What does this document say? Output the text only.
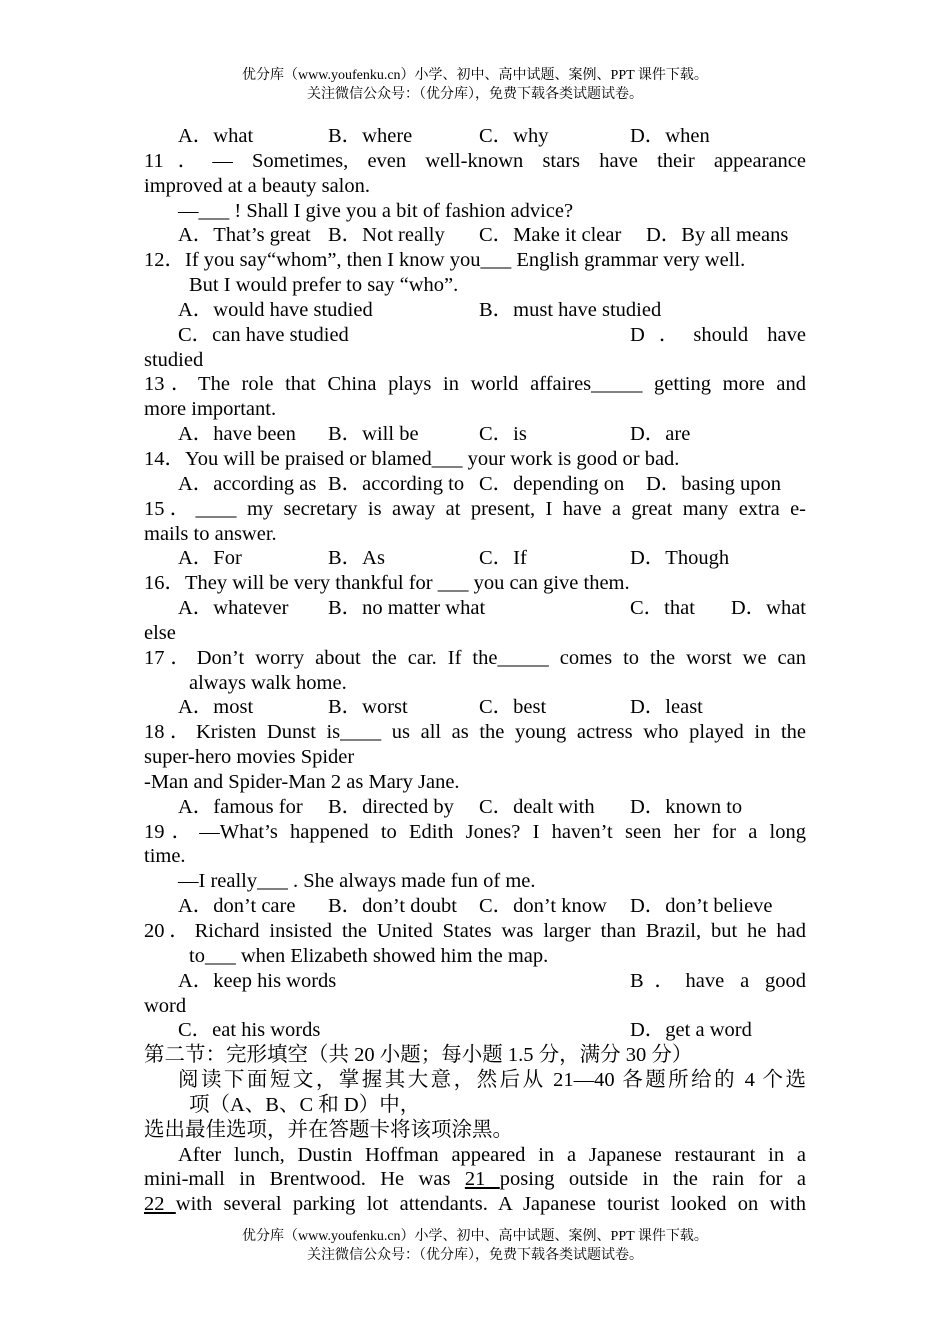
优分库（www.youfenku.cn）小学、初中、高中试题、案例、PPT 课件下载。
关注微信公众号：（优分库），免费下载各类试题试卷。
A．what	B．where	C．why	D．when
11．— Sometimes, even well-known stars have their appearance
improved at a beauty salon.
—___ ! Shall I give you a bit of fashion advice?
A．That’s great B．Not really C．Make it clear D．By all means
12．If you say“whom”, then I know you___ English grammar very well.
But I would prefer to say “who”.
A．would have studied	B．must have studied
C．can have studied	D．should have
studied
13．The role that China plays in world affaires_____ getting more and
more important.
A．have been B．will be	C．is	D．are
14．You will be praised or blamed___ your work is good or bad.
A．according as B．according to C．depending on D．basing upon
15．____ my secretary is away at present, I have a great many extra e-
mails to answer.
A．For	B．As	C．If	D．Though
16．They will be very thankful for ___ you can give them.
A．whatever B．no matter what	C．that D．what
else
17．Don’t worry about the car. If the_____ comes to the worst we can
always walk home.
A．most	B．worst	C．best	D．least
18．Kristen Dunst is____ us all as the young actress who played in the
super-hero movies Spider
-Man and Spider-Man 2 as Mary Jane.
A．famous for B．directed by C．dealt with D．known to
19．—What’s happened to Edith Jones? I haven’t seen her for a long
time.
—I really___ . She always made fun of me.
A．don’t care B．don’t doubt C．don’t know D．don’t believe
20．Richard insisted the United States was larger than Brazil, but he had
to___ when Elizabeth showed him the map.
A．keep his words	B．have a good
word
C．eat his words	D．get a word
第二节：完形填空（共 20 小题；每小题 1.5 分，满分 30 分）
阅读下面短文，掌握其大意，然后从 21—40 各题所给的 4 个选
项（A、B、C 和 D）中，
选出最佳选项，并在答题卡将该项涂黑。
After lunch, Dustin Hoffman appeared in a Japanese restaurant in a
mini-mall in Brentwood. He was 21 posing outside in the rain for a
22 with several parking lot attendants. A Japanese tourist looked on with
优分库（www.youfenku.cn）小学、初中、高中试题、案例、PPT 课件下载。
关注微信公众号：（优分库），免费下载各类试题试卷。
